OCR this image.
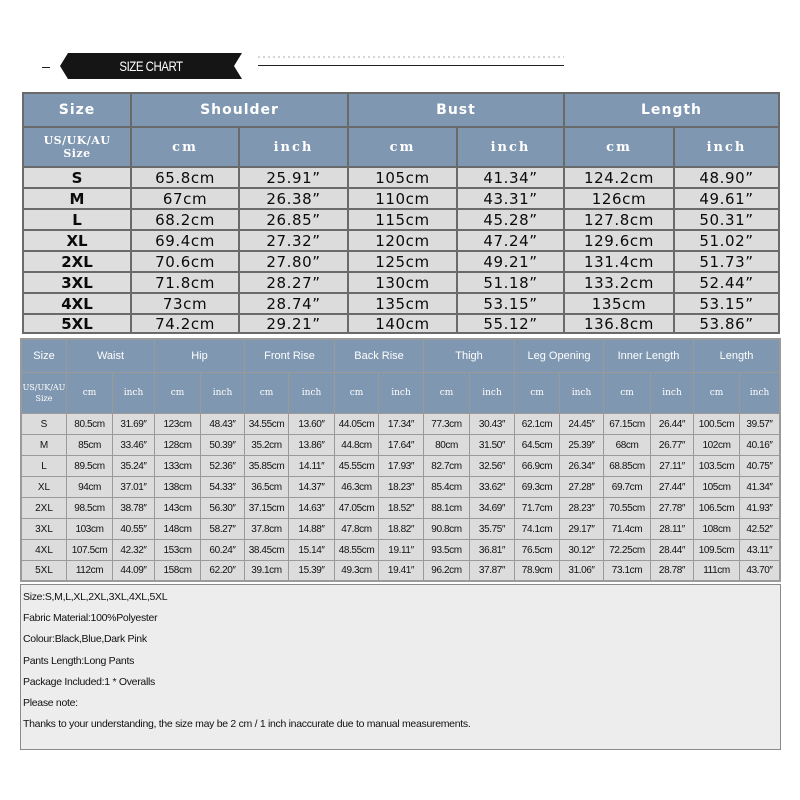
SIZE CHART
Size	Shoulder	Bust	Length
US/UK/AU
Size	cm	inch	cm	inch	cm	inch
S	65.8cm	25.91”	105cm	41.34”	124.2cm	48.90”
M	67cm	26.38”	110cm	43.31”	126cm	49.61”
L	68.2cm	26.85”	115cm	45.28”	127.8cm	50.31”
XL	69.4cm	27.32”	120cm	47.24”	129.6cm	51.02”
2XL	70.6cm	27.80”	125cm	49.21”	131.4cm	51.73”
3XL	71.8cm	28.27”	130cm	51.18”	133.2cm	52.44”
4XL	73cm	28.74”	135cm	53.15”	135cm	53.15”
5XL	74.2cm	29.21”	140cm	55.12”	136.8cm	53.86”
Size	Waist	Hip	Front Rise	Back Rise	Thigh	Leg Opening	Inner Length	Length
US/UK/AU
Size
cm	inch	cm	inch	cm	inch	cm	inch	cm	inch	cm	inch	cm	inch	cm	inch
S	80.5cm	31.69″	123cm	48.43″	34.55cm	13.60″	44.05cm	17.34″	77.3cm	30.43″	62.1cm	24.45″	67.15cm	26.44″	100.5cm	39.57″
M	85cm	33.46″	128cm	50.39″	35.2cm	13.86″	44.8cm	17.64″	80cm	31.50″	64.5cm	25.39″	68cm	26.77″	102cm	40.16″
L	89.5cm	35.24″	133cm	52.36″	35.85cm	14.11″	45.55cm	17.93″	82.7cm	32.56″	66.9cm	26.34″	68.85cm	27.11″	103.5cm	40.75″
XL	94cm	37.01″	138cm	54.33″	36.5cm	14.37″	46.3cm	18.23″	85.4cm	33.62″	69.3cm	27.28″	69.7cm	27.44″	105cm	41.34″
2XL	98.5cm	38.78″	143cm	56.30″	37.15cm	14.63″	47.05cm	18.52″	88.1cm	34.69″	71.7cm	28.23″	70.55cm	27.78″	106.5cm	41.93″
3XL	103cm	40.55″	148cm	58.27″	37.8cm	14.88″	47.8cm	18.82″	90.8cm	35.75″	74.1cm	29.17″	71.4cm	28.11″	108cm	42.52″
4XL	107.5cm	42.32″	153cm	60.24″	38.45cm	15.14″	48.55cm	19.11″	93.5cm	36.81″	76.5cm	30.12″	72.25cm	28.44″	109.5cm	43.11″
5XL	112cm	44.09″	158cm	62.20″	39.1cm	15.39″	49.3cm	19.41″	96.2cm	37.87″	78.9cm	31.06″	73.1cm	28.78″	111cm	43.70″
Size:S,M,L,XL,2XL,3XL,4XL,5XL
Fabric Material:100%Polyester
Colour:Black,Blue,Dark Pink
Pants Length:Long Pants
Package Included:1 * Overalls
Please note:
Thanks to your understanding, the size may be 2 cm / 1 inch inaccurate due to manual measurements.
